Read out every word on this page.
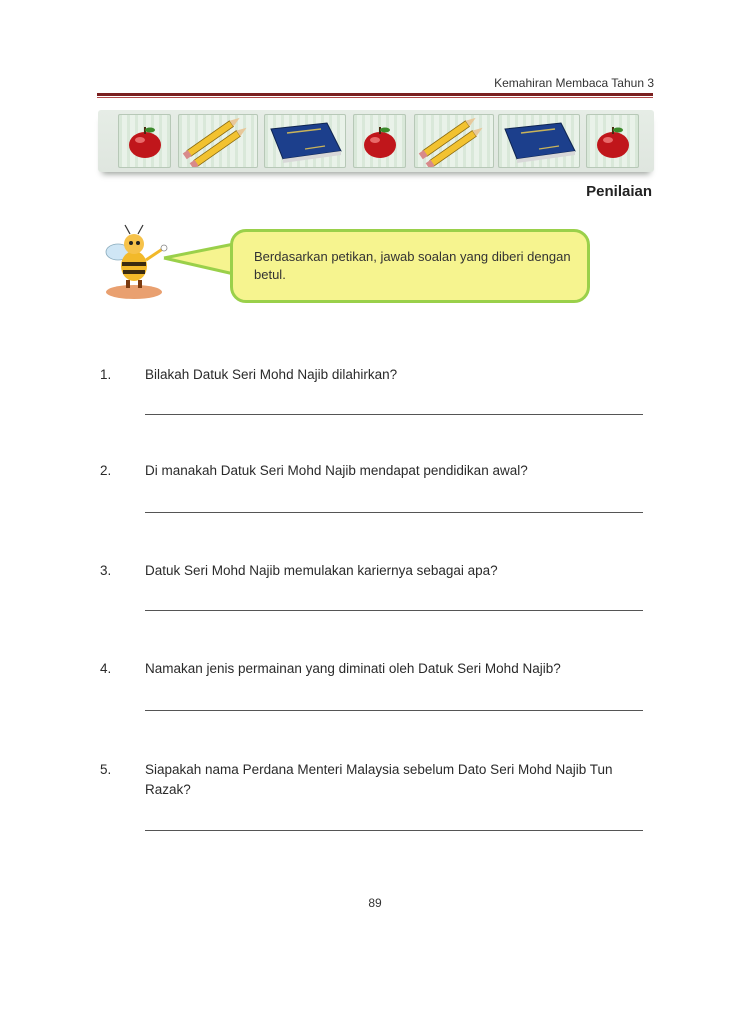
Kemahiran Membaca Tahun 3
Penilaian
Berdasarkan petikan, jawab soalan yang diberi dengan betul.
1. Bilakah Datuk Seri Mohd Najib dilahirkan?
2. Di manakah Datuk Seri Mohd Najib mendapat pendidikan awal?
3. Datuk Seri Mohd Najib memulakan kariernya sebagai apa?
4. Namakan jenis permainan yang diminati oleh Datuk Seri Mohd Najib?
5. Siapakah nama Perdana Menteri Malaysia sebelum Dato Seri Mohd Najib Tun Razak?
89
